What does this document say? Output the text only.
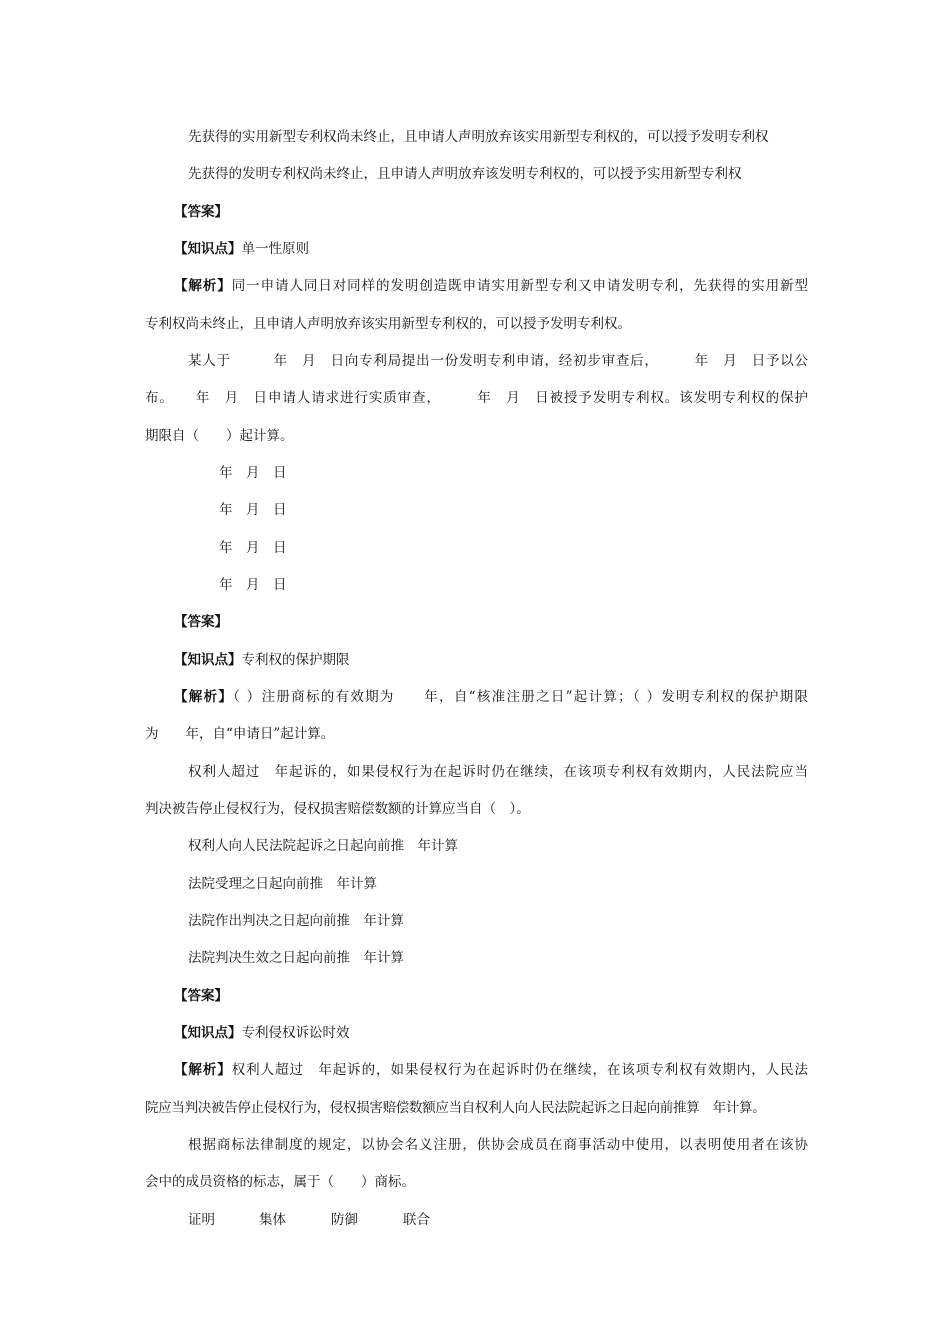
先获得的实用新型专利权尚未终止，且申请人声明放弃该实用新型专利权的，可以授予发明专利权
先获得的发明专利权尚未终止，且申请人声明放弃该发明专利权的，可以授予实用新型专利权
【答案】
【知识点】单一性原则
【解析】同一申请人同日对同样的发明创造既申请实用新型专利又申请发明专利，先获得的实用新型
专利权尚未终止，且申请人声明放弃该实用新型专利权的，可以授予发明专利权。
某人于　　　年　月　日向专利局提出一份发明专利申请，经初步审查后，　　　年　月　日予以公
布。　　年　月　日申请人请求进行实质审查，　　　年　月　日被授予发明专利权。该发明专利权的保护
期限自（　　）起计算。
年　月　日
年　月　日
年　月　日
年　月　日
【答案】
【知识点】专利权的保护期限
【解析】（ ）注册商标的有效期为　　年，自“核准注册之日”起计算；（ ）发明专利权的保护期限
为　　年，自“申请日”起计算。
权利人超过　年起诉的，如果侵权行为在起诉时仍在继续，在该项专利权有效期内，人民法院应当
判决被告停止侵权行为，侵权损害赔偿数额的计算应当自（　）。
权利人向人民法院起诉之日起向前推　年计算
法院受理之日起向前推　年计算
法院作出判决之日起向前推　年计算
法院判决生效之日起向前推　年计算
【答案】
【知识点】专利侵权诉讼时效
【解析】权利人超过　年起诉的，如果侵权行为在起诉时仍在继续，在该项专利权有效期内，人民法
院应当判决被告停止侵权行为，侵权损害赔偿数额应当自权利人向人民法院起诉之日起向前推算　年计算。
根据商标法律制度的规定，以协会名义注册，供协会成员在商事活动中使用，以表明使用者在该协
会中的成员资格的标志，属于（　　）商标。
证明	集体	防御	联合
